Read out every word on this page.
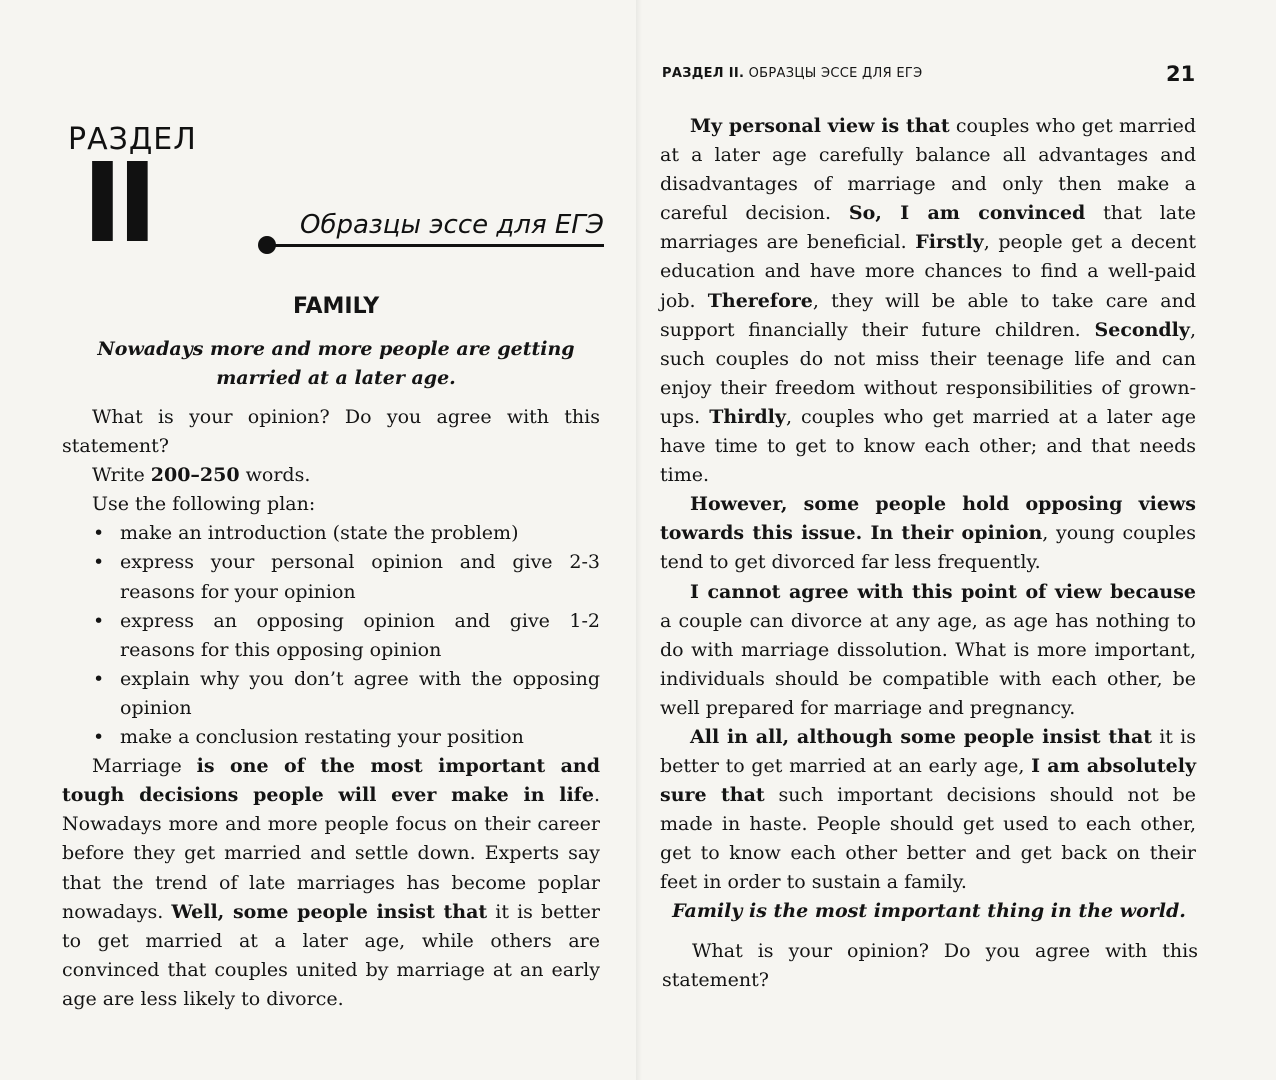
РАЗДЕЛ
II	Образцы эссе для ЕГЭ
FAMILY
Nowadays more and more people are getting married at a later age.

What is your opinion? Do you agree with this statement?

Write 200–250 words.

Use the following plan:

• make an introduction (state the problem)
• express your personal opinion and give 2-3 reasons for your opinion
• express an opposing opinion and give 1-2 reasons for this opposing opinion
• explain why you don’t agree with the opposing opinion
• make a conclusion restating your position

Marriage is one of the most important and tough decisions people will ever make in life. Nowadays more and more people focus on their career before they get married and settle down. Experts say that the trend of late marriages has become poplar nowadays. Well, some people insist that it is better to get married at a later age, while others are convinced that couples united by marriage at an early age are less likely to divorce.

РАЗДЕЛ II. ОБРАЗЦЫ ЭССЕ ДЛЯ ЕГЭ	21

My personal view is that couples who get married at a later age carefully balance all advantages and disadvantages of marriage and only then make a careful decision. So, I am convinced that late marriages are beneficial. Firstly, people get a decent education and have more chances to find a well-paid job. Therefore, they will be able to take care and support financially their future children. Secondly, such couples do not miss their teenage life and can enjoy their freedom without responsibilities of grown-ups. Thirdly, couples who get married at a later age have time to get to know each other; and that needs time.

However, some people hold opposing views towards this issue. In their opinion, young couples tend to get divorced far less frequently.

I cannot agree with this point of view because a couple can divorce at any age, as age has nothing to do with marriage dissolution. What is more important, individuals should be compatible with each other, be well prepared for marriage and pregnancy.

All in all, although some people insist that it is better to get married at an early age, I am absolutely sure that such important decisions should not be made in haste. People should get used to each other, get to know each other better and get back on their feet in order to sustain a family.

Family is the most important thing in the world.

What is your opinion? Do you agree with this statement?
